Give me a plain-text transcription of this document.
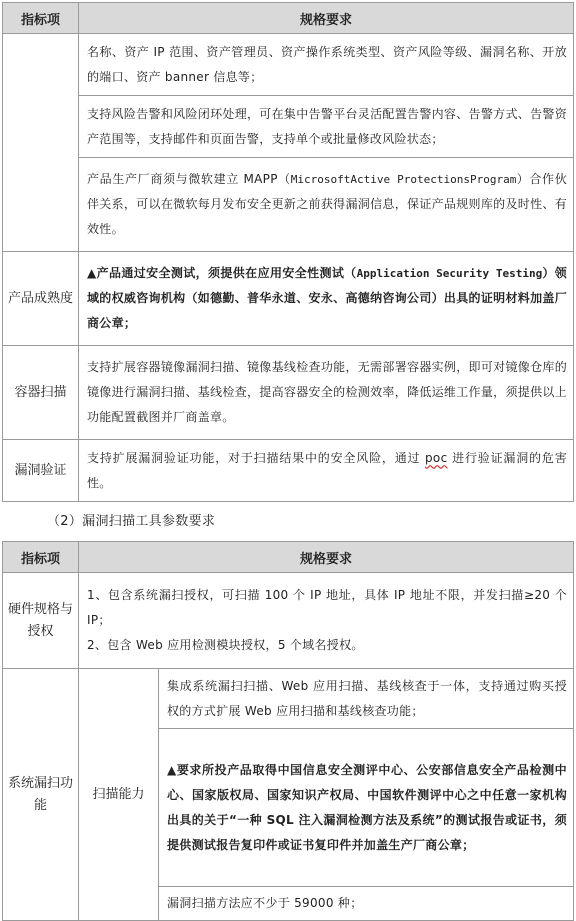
指标项	规格要求
	名称、资产 IP 范围、资产管理员、资产操作系统类型、资产风险等级、漏洞名称、开放的端口、资产 banner 信息等；
	支持风险告警和风险闭环处理，可在集中告警平台灵活配置告警内容、告警方式、告警资产范围等，支持邮件和页面告警，支持单个或批量修改风险状态；
	产品生产厂商须与微软建立 MAPP（MicrosoftActive ProtectionsProgram）合作伙伴关系，可以在微软每月发布安全更新之前获得漏洞信息，保证产品规则库的及时性、有效性。
产品成熟度	▲产品通过安全测试，须提供在应用安全性测试（Application Security Testing）领域的权威咨询机构（如德勤、普华永道、安永、高德纳咨询公司）出具的证明材料加盖厂商公章；
容器扫描	支持扩展容器镜像漏洞扫描、镜像基线检查功能，无需部署容器实例，即可对镜像仓库的镜像进行漏洞扫描、基线检查，提高容器安全的检测效率，降低运维工作量，须提供以上功能配置截图并厂商盖章。
漏洞验证	支持扩展漏洞验证功能，对于扫描结果中的安全风险，通过 poc 进行验证漏洞的危害性。
（2）漏洞扫描工具参数要求
指标项	规格要求	
硬件规格与授权	1、包含系统漏扫授权，可扫描 100 个 IP 地址，具体 IP 地址不限，并发扫描≥20 个 IP；
2、包含 Web 应用检测模块授权，5 个域名授权。	

系统漏扫功能	扫描能力	集成系统漏扫扫描、Web 应用扫描、基线核查于一体，支持通过购买授权的方式扩展 Web 应用扫描和基线核查功能；
		▲要求所投产品取得中国信息安全测评中心、公安部信息安全产品检测中心、国家版权局、国家知识产权局、中国软件测评中心之中任意一家机构出具的关于“一种 SQL 注入漏洞检测方法及系统”的测试报告或证书，须提供测试报告复印件或证书复印件并加盖生产厂商公章；
		漏洞扫描方法应不少于 59000 种；
